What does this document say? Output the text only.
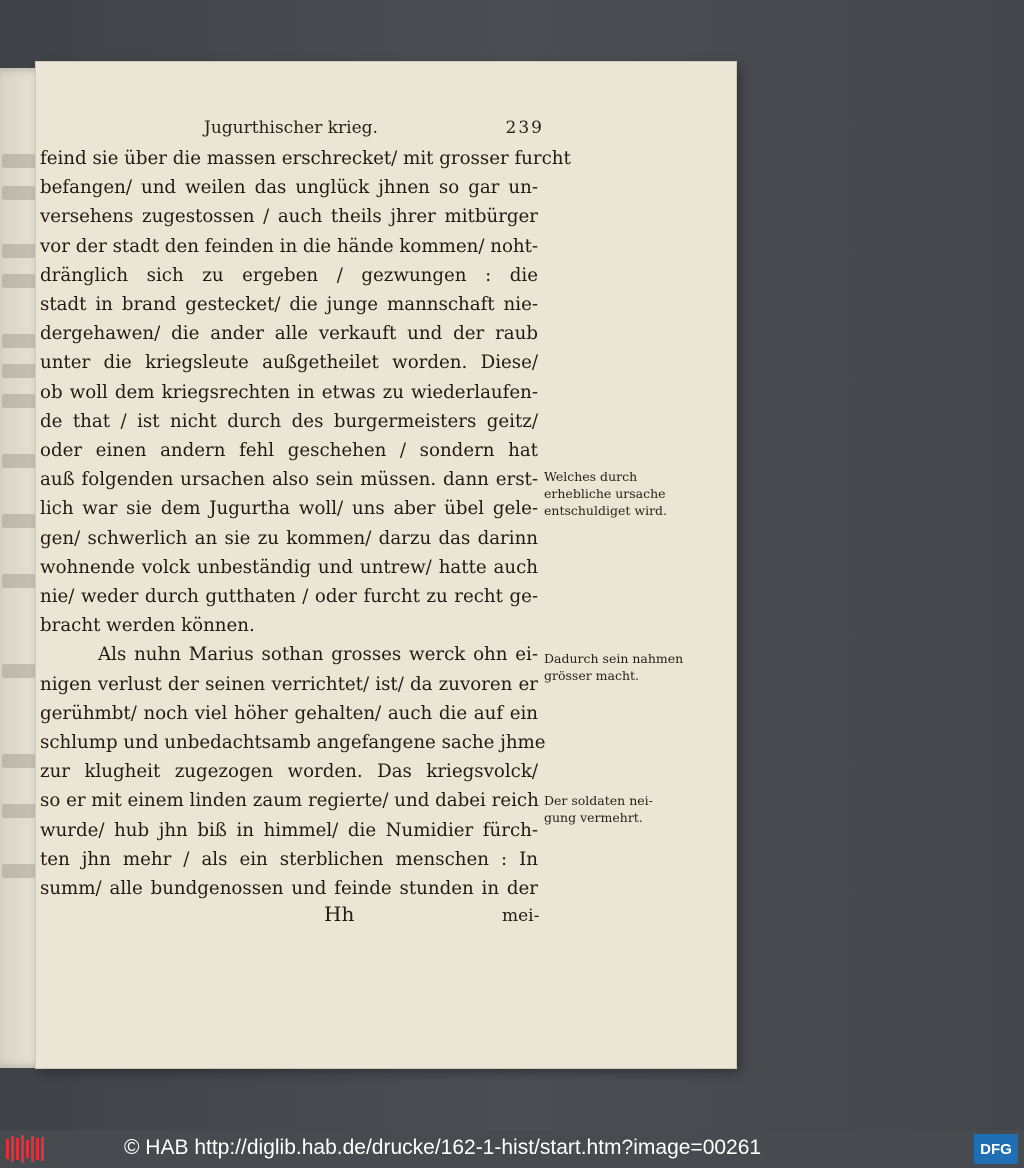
Jugurthischer krieg.	239
feind sie über die massen erschrecket/ mit grosser furcht
befangen/ und weilen das unglück jhnen so gar un-
versehens zugestossen / auch theils jhrer mitbürger
vor der stadt den feinden in die hände kommen/ noht-
dränglich sich zu ergeben / gezwungen : die
stadt in brand gestecket/ die junge mannschaft nie-
dergehawen/ die ander alle verkauft und der raub
unter die kriegsleute außgetheilet worden. Diese/
ob woll dem kriegsrechten in etwas zu wiederlaufen-
de that / ist nicht durch des burgermeisters geitz/
oder einen andern fehl geschehen / sondern hat
auß folgenden ursachen also sein müssen. dann erst-
lich war sie dem Jugurtha woll/ uns aber übel gele-
gen/ schwerlich an sie zu kommen/ darzu das darinn
wohnende volck unbeständig und untrew/ hatte auch
nie/ weder durch gutthaten / oder furcht zu recht ge-
bracht werden können.
Als nuhn Marius sothan grosses werck ohn ei-
nigen verlust der seinen verrichtet/ ist/ da zuvoren er
gerühmbt/ noch viel höher gehalten/ auch die auf ein
schlump und unbedachtsamb angefangene sache jhme
zur klugheit zugezogen worden. Das kriegsvolck/
so er mit einem linden zaum regierte/ und dabei reich
wurde/ hub jhn biß in himmel/ die Numidier fürch-
ten jhn mehr / als ein sterblichen menschen : In
summ/ alle bundgenossen und feinde stunden in der
Welches durch erhebliche ursache entschuldiget wird.
Dadurch sein nahmen grösser macht.
Der soldaten nei- gung vermehrt.
Hh	mei-
© HAB http://diglib.hab.de/drucke/162-1-hist/start.htm?image=00261	DFG
